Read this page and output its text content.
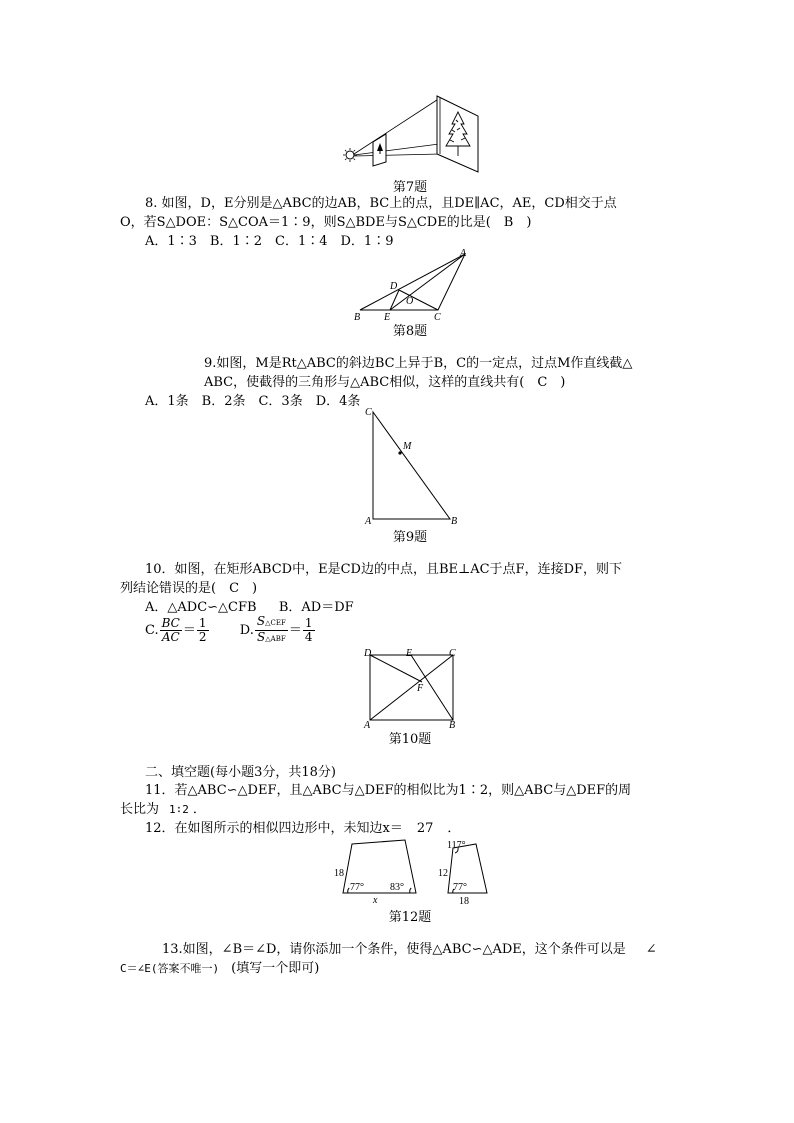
第7题
8. 如图，D，E分别是△ABC的边AB，BC上的点，且DE∥AC，AE，CD相交于点
O，若S△DOE：S△COA＝1∶9，则S△BDE与S△CDE的比是(　B　)
A．1∶3　B．1∶2　C．1∶4　D．1∶9
A
D
O
B E	C
第8题
9.如图，M是Rt△ABC的斜边BC上异于B，C的一定点，过点M作直线截△
ABC，使截得的三角形与△ABC相似，这样的直线共有(　C　)
A．1条　B．2条　C．3条　D．4条
C
M
A	B
第9题
10．如图，在矩形ABCD中，E是CD边的中点，且BE⊥AC于点F，连接DF，则下
列结论错误的是(　C　)
A．△ADC∽△CFB B．AD＝DF
C. $\frac{BC}{AC} = \frac{1}{2} D$. $\frac{\text{S△CEF}}{\text{S△ABF}} = \frac{1}{4}$
D	E	C
F
A	B
第10题
二、填空题(每小题3分，共18分)
11．若△ABC∽△DEF，且△ABC与△DEF的相似比为1∶2，则△ABC与△DEF的周
长比为 1∶2 ．
12．在如图所示的相似四边形中，未知边x＝ 27 ．
18
77°	83°
x
117°
12
77°
18
第12题
13.如图，∠B＝∠D，请你添加一个条件，使得△ABC∽△ADE，这个条件可以是 ∠
C＝∠E(答案不唯一) (填写一个即可)
